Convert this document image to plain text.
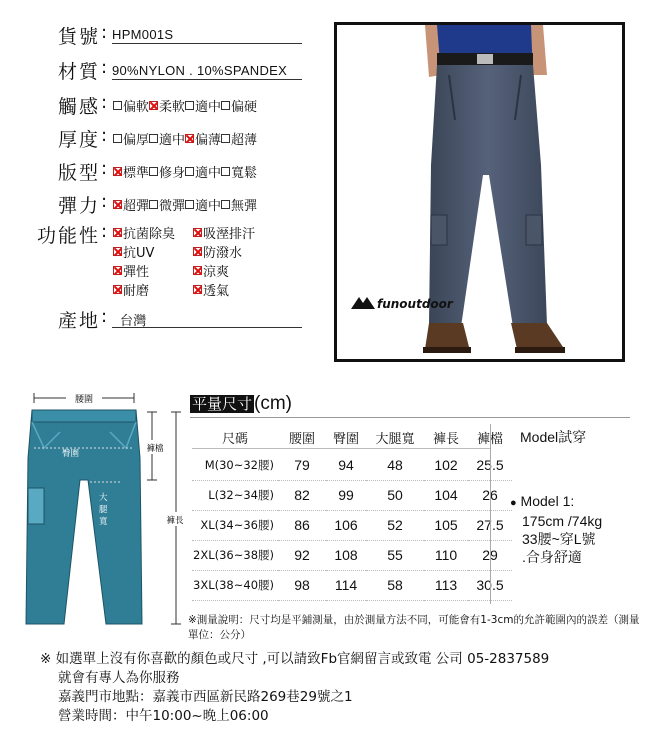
貨號 : HPM001S
材質 : 90%NYLON . 10%SPANDEX
觸感 : 偏軟 柔軟 適中 偏硬
厚度 : 偏厚 適中 偏薄 超薄
版型 : 標準 修身 適中 寬鬆
彈力 : 超彈 微彈 適中 無彈
功能性 : 抗菌除臭 吸溼排汗
抗UV	防潑水
彈性	涼爽
耐磨	透氣
產地 : 台灣
funoutdoor
腰圍
臀圍
大
腿
寬
褲檔
褲長
平量尺寸 (cm)
尺碼	腰圍	臀圍	大腿寬	褲長	褲檔
M(30~32腰)	79	94	48	102	25.5
L(32~34腰)	82	99	50	104	26
XL(34~36腰)	86	106	52	105	27.5
2XL(36~38腰)	92	108	55	110	29
3XL(38~40腰)	98	114	58	113	30.5
Model試穿
● Model 1:
175cm /74kg
33腰~穿L號
.合身舒適
※測量說明：尺寸均是平鋪測量，由於測量方法不同，可能會有1-3cm的允許範圍內的誤差（測量單位：公分）
※ 如選單上沒有你喜歡的顏色或尺寸 ,可以請致Fb官網留言或致電 公司 05-2837589
就會有專人為你服務
嘉義門市地點：嘉義市西區新民路269巷29號之1
營業時間：中午10:00~晚上06:00
